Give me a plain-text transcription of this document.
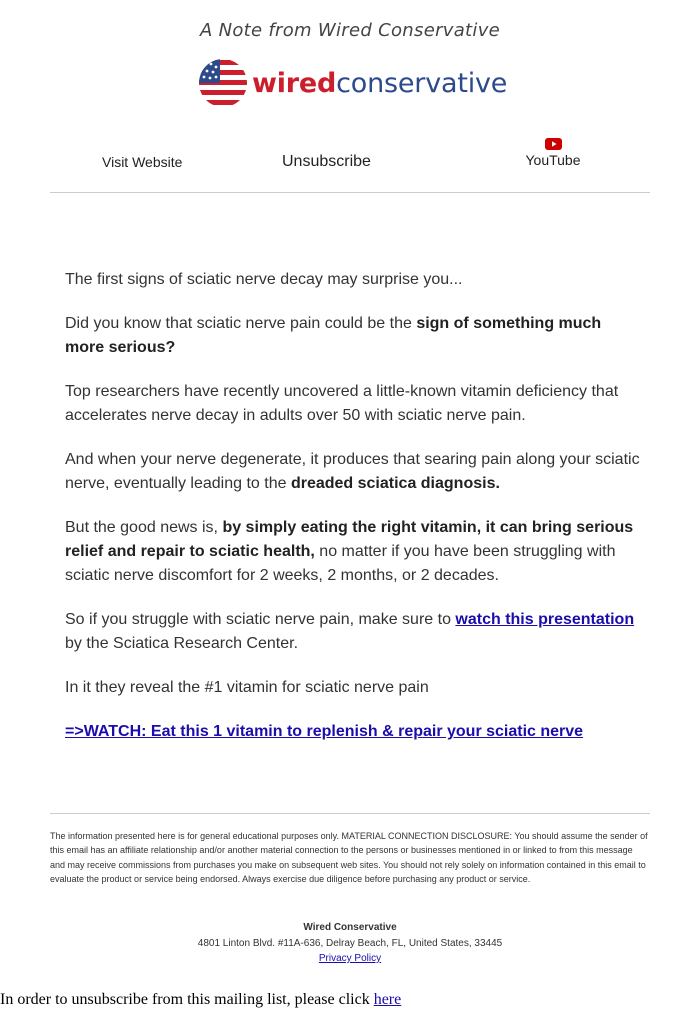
A Note from Wired Conservative
wiredconservative
Visit Website	Unsubscribe	YouTube

The first signs of sciatic nerve decay may surprise you...

Did you know that sciatic nerve pain could be the sign of something much more serious?

Top researchers have recently uncovered a little-known vitamin deficiency that accelerates nerve decay in adults over 50 with sciatic nerve pain.

And when your nerve degenerate, it produces that searing pain along your sciatic nerve, eventually leading to the dreaded sciatica diagnosis.

But the good news is, by simply eating the right vitamin, it can bring serious relief and repair to sciatic health, no matter if you have been struggling with sciatic nerve discomfort for 2 weeks, 2 months, or 2 decades.

So if you struggle with sciatic nerve pain, make sure to watch this presentation by the Sciatica Research Center.

In it they reveal the #1 vitamin for sciatic nerve pain

=>WATCH: Eat this 1 vitamin to replenish & repair your sciatic nerve

The information presented here is for general educational purposes only. MATERIAL CONNECTION DISCLOSURE: You should assume the sender of this email has an affiliate relationship and/or another material connection to the persons or businesses mentioned in or linked to from this message and may receive commissions from purchases you make on subsequent web sites. You should not rely solely on information contained in this email to evaluate the product or service being endorsed. Always exercise due diligence before purchasing any product or service.
Wired Conservative
4801 Linton Blvd. #11A-636, Delray Beach, FL, United States, 33445
Privacy Policy
In order to unsubscribe from this mailing list, please click here
